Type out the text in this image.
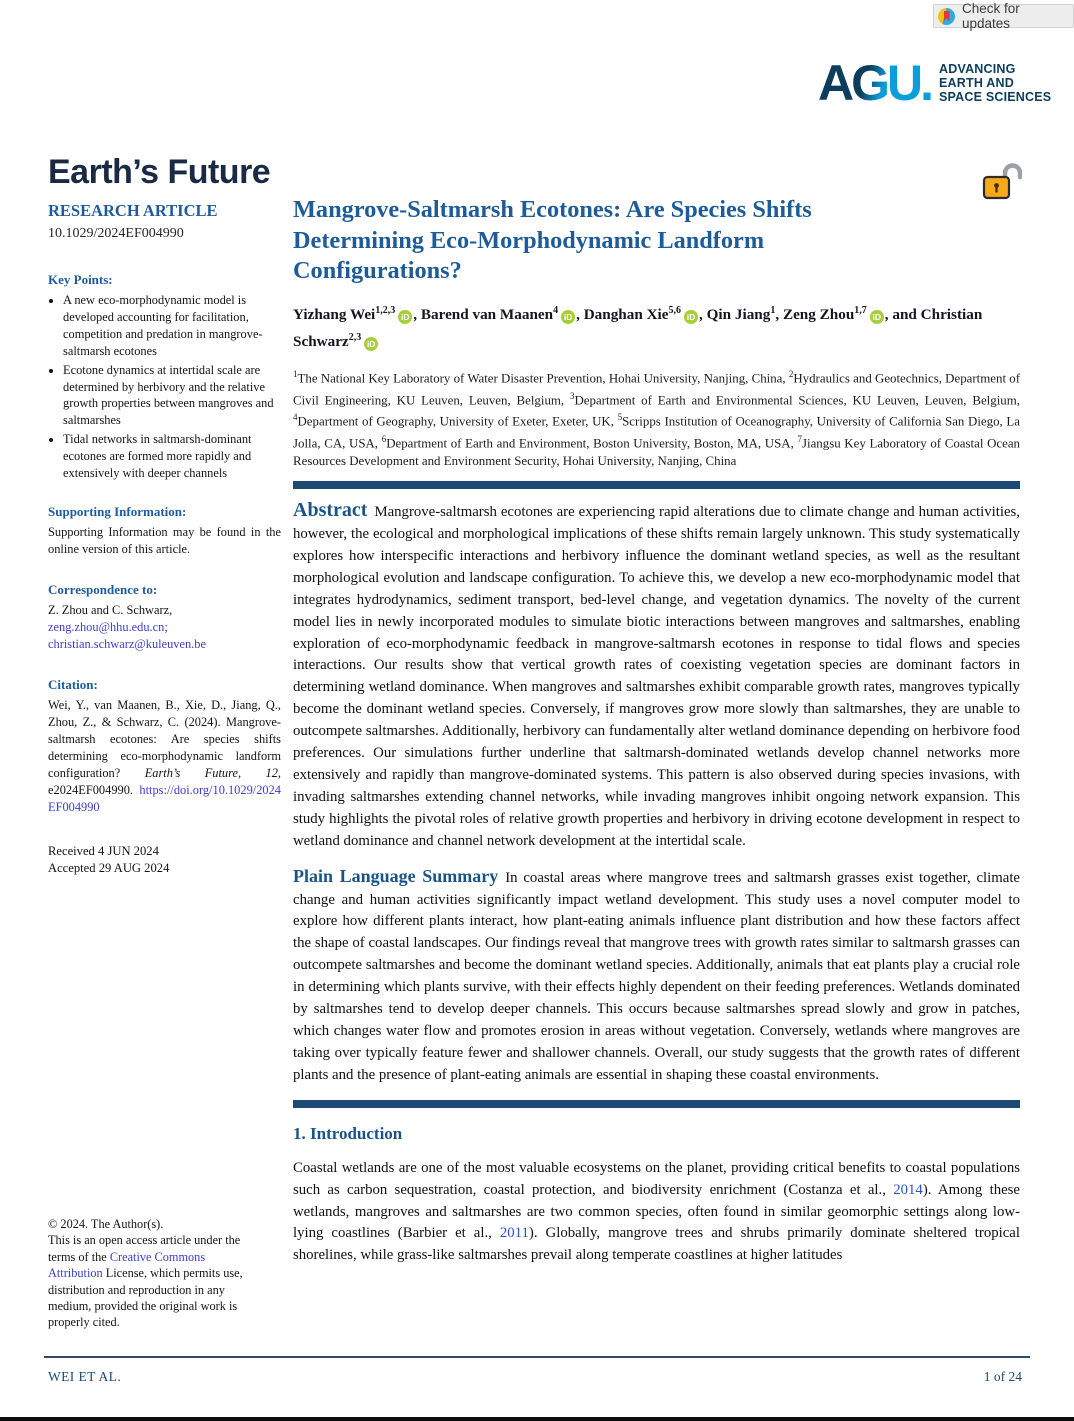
Check for updates
AGU .	ADVANCING
EARTH AND
SPACE SCIENCES
Earth’s Future
RESEARCH ARTICLE
10.1029/2024EF004990
Key Points:
• A new eco-morphodynamic model is developed accounting for facilitation, competition and predation in mangrove-saltmarsh ecotones
• Ecotone dynamics at intertidal scale are determined by herbivory and the relative growth properties between mangroves and saltmarshes
• Tidal networks in saltmarsh-dominant ecotones are formed more rapidly and extensively with deeper channels
Supporting Information:

Supporting Information may be found in the online version of this article.

Correspondence to:

Z. Zhou and C. Schwarz,
zeng.zhou@hhu.edu.cn;
christian.schwarz@kuleuven.be

Citation:

Wei, Y., van Maanen, B., Xie, D., Jiang, Q., Zhou, Z., & Schwarz, C. (2024). Mangrove-saltmarsh ecotones: Are species shifts determining eco-morphodynamic landform configuration? Earth’s Future, 12, e2024EF004990. https://doi.org/10.1029/2024EF004990

Received 4 JUN 2024

Accepted 29 AUG 2024

© 2024. The Author(s).

This is an open access article under the terms of the Creative Commons Attribution License, which permits use, distribution and reproduction in any medium, provided the original work is properly cited.

Mangrove-Saltmarsh Ecotones: Are Species Shifts Determining Eco-Morphodynamic Landform Configurations?
Yizhang Wei$^{1,2,3}$iD , Barend van Maanen$^4$iD , Danghan Xie$^{5,6}$iD , Qin Jiang$^1$, Zeng Zhou$^{1,7}$iD , and Christian Schwarz$^{2,3}$iD

$^1$The National Key Laboratory of Water Disaster Prevention, Hohai University, Nanjing, China, $^2$Hydraulics and Geotechnics, Department of Civil Engineering, KU Leuven, Leuven, Belgium, $^3$Department of Earth and Environmental Sciences, KU Leuven, Leuven, Belgium, $^4$Department of Geography, University of Exeter, Exeter, UK, $^5$Scripps Institution of Oceanography, University of California San Diego, La Jolla, CA, USA, $^6$Department of Earth and Environment, Boston University, Boston, MA, USA, $^7$Jiangsu Key Laboratory of Coastal Ocean Resources Development and Environment Security, Hohai University, Nanjing, China

Abstract Mangrove-saltmarsh ecotones are experiencing rapid alterations due to climate change and human activities, however, the ecological and morphological implications of these shifts remain largely unknown. This study systematically explores how interspecific interactions and herbivory influence the dominant wetland species, as well as the resultant morphological evolution and landscape configuration. To achieve this, we develop a new eco-morphodynamic model that integrates hydrodynamics, sediment transport, bed-level change, and vegetation dynamics. The novelty of the current model lies in newly incorporated modules to simulate biotic interactions between mangroves and saltmarshes, enabling exploration of eco-morphodynamic feedback in mangrove-saltmarsh ecotones in response to tidal flows and species interactions. Our results show that vertical growth rates of coexisting vegetation species are dominant factors in determining wetland dominance. When mangroves and saltmarshes exhibit comparable growth rates, mangroves typically become the dominant wetland species. Conversely, if mangroves grow more slowly than saltmarshes, they are unable to outcompete saltmarshes. Additionally, herbivory can fundamentally alter wetland dominance depending on herbivore food preferences. Our simulations further underline that saltmarsh-dominated wetlands develop channel networks more extensively and rapidly than mangrove-dominated systems. This pattern is also observed during species invasions, with invading saltmarshes extending channel networks, while invading mangroves inhibit ongoing network expansion. This study highlights the pivotal roles of relative growth properties and herbivory in driving ecotone development in respect to wetland dominance and channel network development at the intertidal scale.

Plain Language Summary In coastal areas where mangrove trees and saltmarsh grasses exist together, climate change and human activities significantly impact wetland development. This study uses a novel computer model to explore how different plants interact, how plant-eating animals influence plant distribution and how these factors affect the shape of coastal landscapes. Our findings reveal that mangrove trees with growth rates similar to saltmarsh grasses can outcompete saltmarshes and become the dominant wetland species. Additionally, animals that eat plants play a crucial role in determining which plants survive, with their effects highly dependent on their feeding preferences. Wetlands dominated by saltmarshes tend to develop deeper channels. This occurs because saltmarshes spread slowly and grow in patches, which changes water flow and promotes erosion in areas without vegetation. Conversely, wetlands where mangroves are taking over typically feature fewer and shallower channels. Overall, our study suggests that the growth rates of different plants and the presence of plant-eating animals are essential in shaping these coastal environments.

1. Introduction

Coastal wetlands are one of the most valuable ecosystems on the planet, providing critical benefits to coastal populations such as carbon sequestration, coastal protection, and biodiversity enrichment (Costanza et al., 2014). Among these wetlands, mangroves and saltmarshes are two common species, often found in similar geomorphic settings along low-lying coastlines (Barbier et al., 2011). Globally, mangrove trees and shrubs primarily dominate sheltered tropical shorelines, while grass-like saltmarshes prevail along temperate coastlines at higher latitudes

WEI ET AL.	1 of 24
